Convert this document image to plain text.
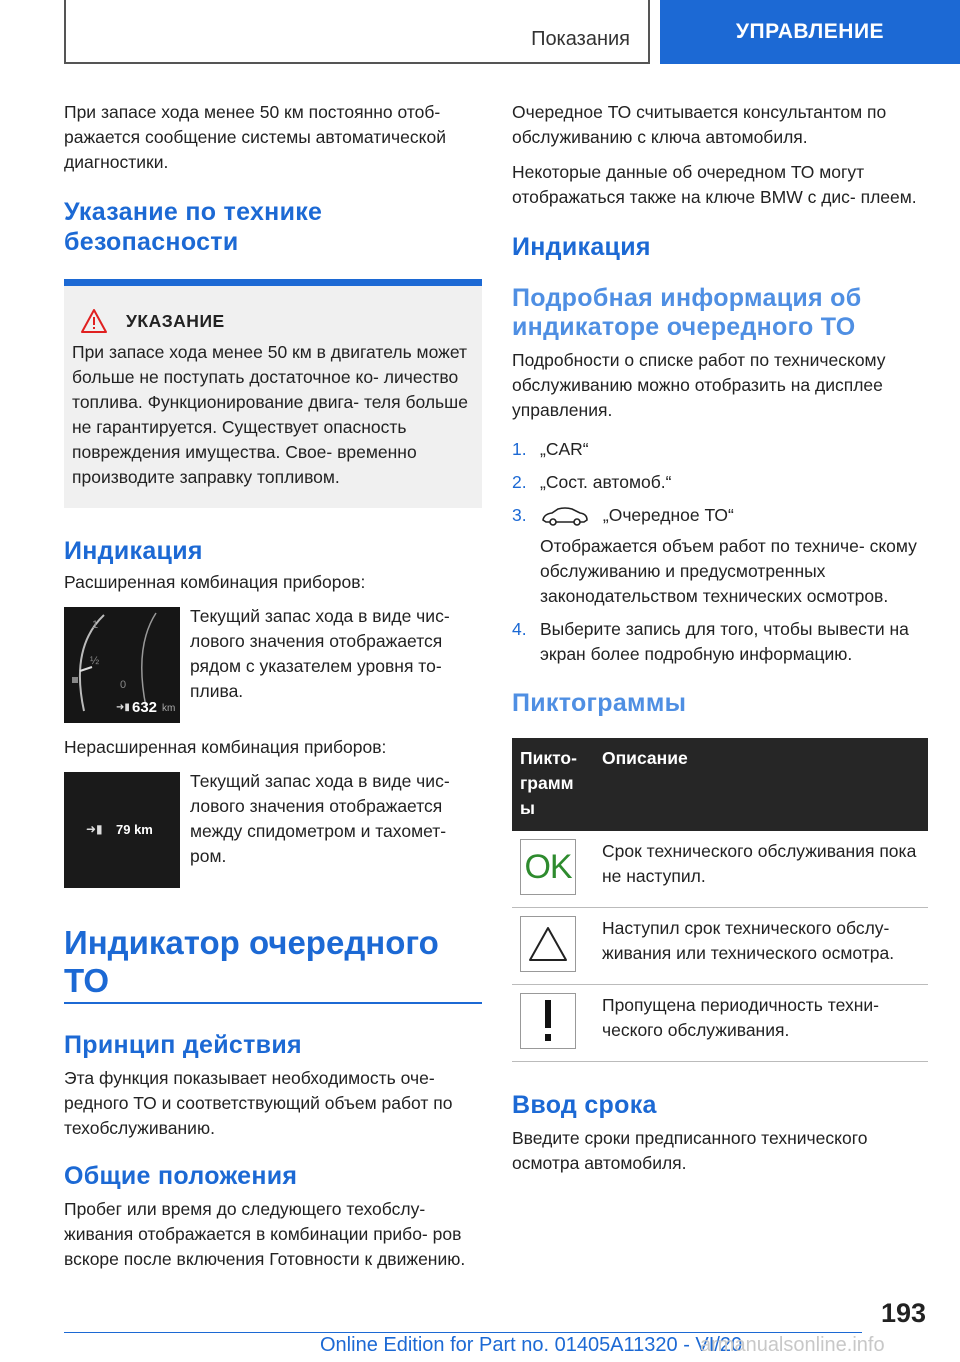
Показания	УПРАВЛЕНИЕ

При запасе хода менее 50 км постоянно отоб‐ ражается сообщение системы автоматической диагностики.

Указание по технике безопасности
УКАЗАНИЕ

При запасе хода менее 50 км в двигатель может больше не поступать достаточное ко‐ личество топлива. Функционирование двига‐ теля больше не гарантируется. Существует опасность повреждения имущества. Свое‐ временно производите заправку топливом.

Индикация

Расширенная комбинация приборов:

1
½
0
➜▮ 632 km

Текущий запас хода в виде чис‐ лового значения отображается рядом с указателем уровня то‐ плива.

Нерасширенная комбинация приборов:

➜▮ 79 km

Текущий запас хода в виде чис‐ лового значения отображается между спидометром и тахомет‐ ром.

Индикатор очередного ТО
Принцип действия

Эта функция показывает необходимость оче‐ редного ТО и соответствующий объем работ по техобслуживанию.

Общие положения

Пробег или время до следующего техобслу‐ живания отображается в комбинации прибо‐ ров вскоре после включения Готовности к движению.

Очередное ТО считывается консультантом по обслуживанию с ключа автомобиля.

Некоторые данные об очередном ТО могут отображаться также на ключе BMW с дис‐ плеем.

Индикация
Подробная информация об индикаторе очередного ТО

Подробности о списке работ по техническому обслуживанию можно отобразить на дисплее управления.

1. „CAR“
2. „Сост. автомоб.“
3.	„Очередное ТО“
Отображается объем работ по техниче‐ скому обслуживанию и предусмотренных законодательством технических осмотров.
4. Выберите запись для того, чтобы вывести на экран более подробную информацию.
Пиктограммы
Пикто‐ грамм ы	Описание

OK	Срок технического обслуживания пока не наступил.

	Наступил срок технического обслу‐ живания или технического осмотра.

	Пропущена периодичность техни‐ ческого обслуживания.
Ввод срока

Введите сроки предписанного технического осмотра автомобиля.

193
Online Edition for Part no. 01405A11320 - VI/20
armanualsonline.info
